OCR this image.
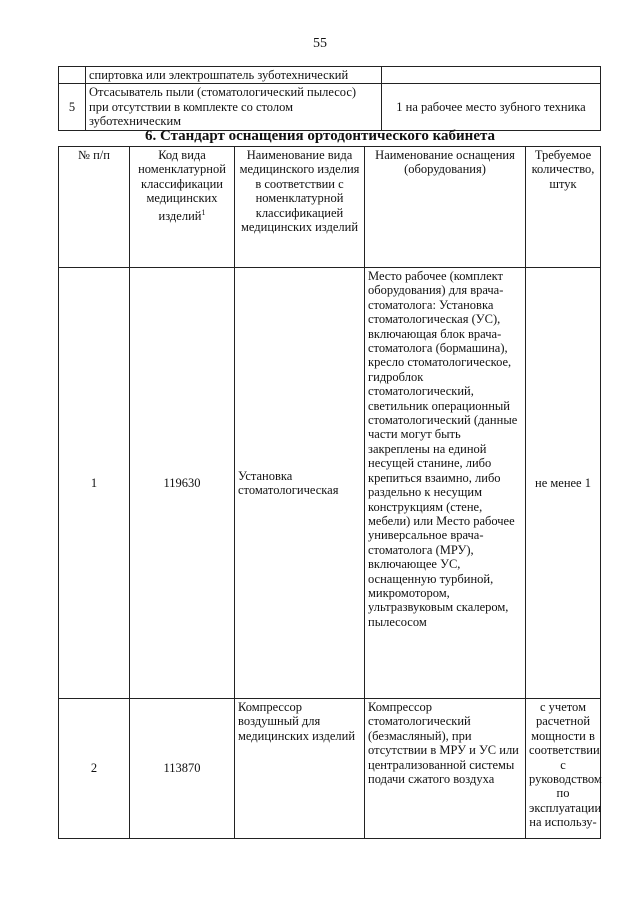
55
	спиртовка или электрошпатель зуботехнический	
5	Отсасыватель пыли (стоматологический пылесос) при отсутствии в комплекте со столом зуботехническим	1 на рабочее место зубного техника
6. Стандарт оснащения ортодонтического кабинета
№ п/п	Код вида номенклатурной классификации медицинских изделий$^1$	Наименование вида медицинского изделия в соответствии с номенклатурной классификацией медицинских изделий	Наименование оснащения (оборудования)	Требуемое количество, штук
1	119630	Установка стоматологическая	Место рабочее (комплект оборудования) для врача-стоматолога: Установка стоматологическая (УС), включающая блок врача-стоматолога (бормашина), кресло стоматологическое, гидроблок стоматологический, светильник операционный стоматологический (данные части могут быть закреплены на единой несущей станине, либо крепиться взаимно, либо раздельно к несущим конструкциям (стене, мебели) или Место рабочее универсальное врача-стоматолога (МРУ), включающее УС, оснащенную турбиной, микромотором, ультразвуковым скалером, пылесосом	не менее 1
2	113870	Компрессор воздушный для медицинских изделий	Компрессор стоматологический (безмасляный), при отсутствии в МРУ и УС или централизованной системы подачи сжатого воздуха	с учетом расчетной мощности в соответствии с руководством по эксплуатации на использу-
